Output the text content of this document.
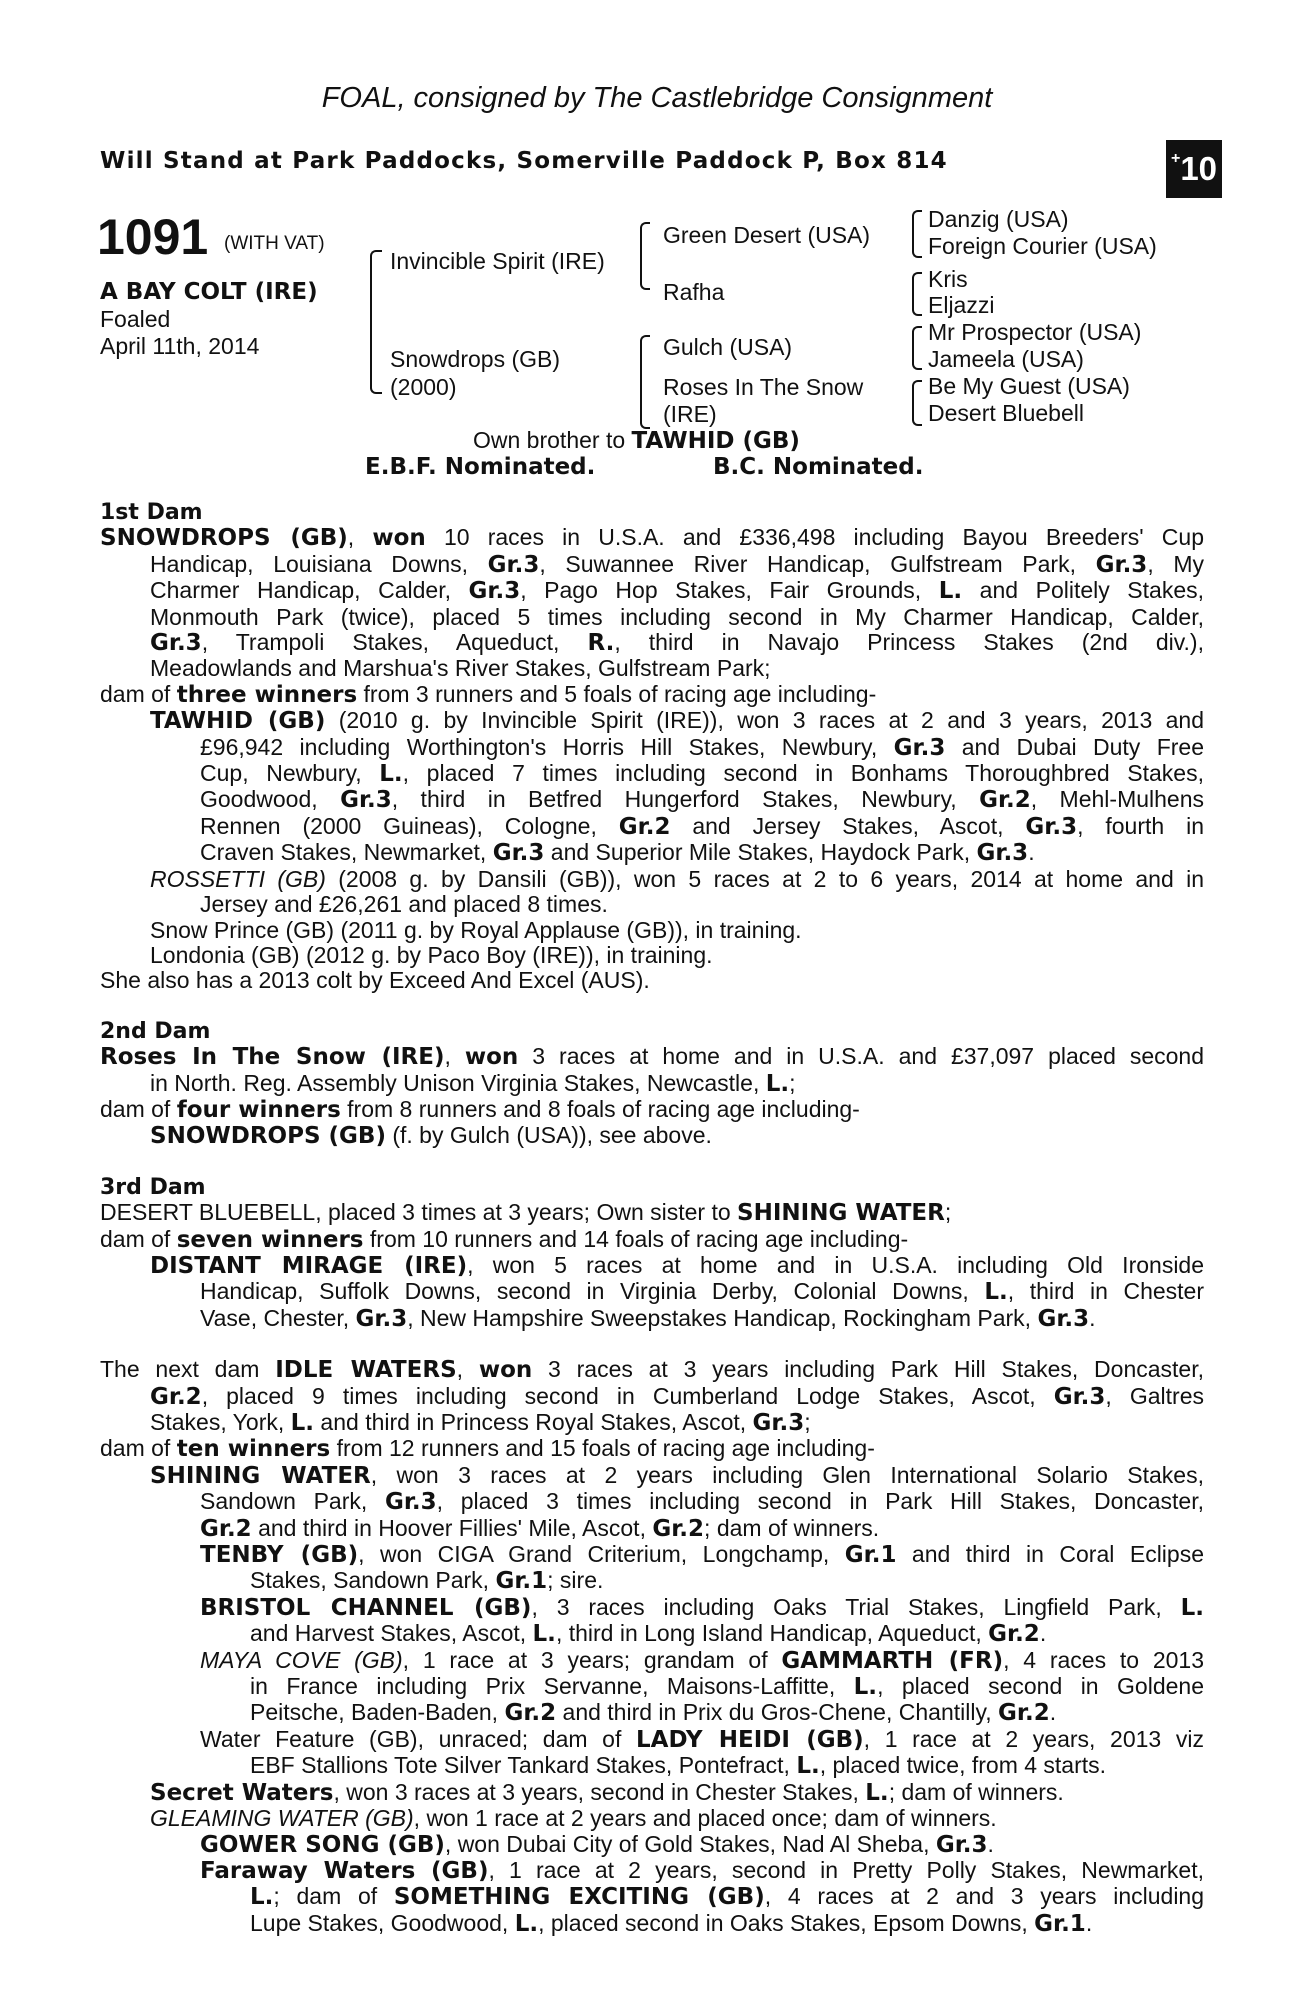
FOAL, consigned by The Castlebridge Consignment
Will Stand at Park Paddocks, Somerville Paddock P, Box 814	+ 10
1091 (WITH VAT)
A BAY COLT (IRE)
Foaled
April 11th, 2014
Invincible Spirit (IRE)
Snowdrops (GB)
(2000)
Green Desert (USA)
Rafha
Gulch (USA)
Roses In The Snow
(IRE)
Danzig (USA)
Foreign Courier (USA)
Kris
Eljazzi
Mr Prospector (USA)
Jameela (USA)
Be My Guest (USA)
Desert Bluebell
Own brother to TAWHID (GB)
E.B.F. Nominated.	B.C. Nominated.
1st Dam
SNOWDROPS (GB), won 10 races in U.S.A. and £336,498 including Bayou Breeders' Cup
Handicap, Louisiana Downs, Gr.3, Suwannee River Handicap, Gulfstream Park, Gr.3, My
Charmer Handicap, Calder, Gr.3, Pago Hop Stakes, Fair Grounds, L. and Politely Stakes,
Monmouth Park (twice), placed 5 times including second in My Charmer Handicap, Calder,
Gr.3, Trampoli Stakes, Aqueduct, R., third in Navajo Princess Stakes (2nd div.),
Meadowlands and Marshua's River Stakes, Gulfstream Park;
dam of three winners from 3 runners and 5 foals of racing age including-
TAWHID (GB) (2010 g. by Invincible Spirit (IRE)), won 3 races at 2 and 3 years, 2013 and
£96,942 including Worthington's Horris Hill Stakes, Newbury, Gr.3 and Dubai Duty Free
Cup, Newbury, L., placed 7 times including second in Bonhams Thoroughbred Stakes,
Goodwood, Gr.3, third in Betfred Hungerford Stakes, Newbury, Gr.2, Mehl-Mulhens
Rennen (2000 Guineas), Cologne, Gr.2 and Jersey Stakes, Ascot, Gr.3, fourth in
Craven Stakes, Newmarket, Gr.3 and Superior Mile Stakes, Haydock Park, Gr.3.
ROSSETTI (GB) (2008 g. by Dansili (GB)), won 5 races at 2 to 6 years, 2014 at home and in
Jersey and £26,261 and placed 8 times.
Snow Prince (GB) (2011 g. by Royal Applause (GB)), in training.
Londonia (GB) (2012 g. by Paco Boy (IRE)), in training.
She also has a 2013 colt by Exceed And Excel (AUS).
2nd Dam
Roses In The Snow (IRE), won 3 races at home and in U.S.A. and £37,097 placed second
in North. Reg. Assembly Unison Virginia Stakes, Newcastle, L.;
dam of four winners from 8 runners and 8 foals of racing age including-
SNOWDROPS (GB) (f. by Gulch (USA)), see above.
3rd Dam
DESERT BLUEBELL, placed 3 times at 3 years; Own sister to SHINING WATER;
dam of seven winners from 10 runners and 14 foals of racing age including-
DISTANT MIRAGE (IRE), won 5 races at home and in U.S.A. including Old Ironside
Handicap, Suffolk Downs, second in Virginia Derby, Colonial Downs, L., third in Chester
Vase, Chester, Gr.3, New Hampshire Sweepstakes Handicap, Rockingham Park, Gr.3.
The next dam IDLE WATERS, won 3 races at 3 years including Park Hill Stakes, Doncaster,
Gr.2, placed 9 times including second in Cumberland Lodge Stakes, Ascot, Gr.3, Galtres
Stakes, York, L. and third in Princess Royal Stakes, Ascot, Gr.3;
dam of ten winners from 12 runners and 15 foals of racing age including-
SHINING WATER, won 3 races at 2 years including Glen International Solario Stakes,
Sandown Park, Gr.3, placed 3 times including second in Park Hill Stakes, Doncaster,
Gr.2 and third in Hoover Fillies' Mile, Ascot, Gr.2; dam of winners.
TENBY (GB), won CIGA Grand Criterium, Longchamp, Gr.1 and third in Coral Eclipse
Stakes, Sandown Park, Gr.1; sire.
BRISTOL CHANNEL (GB), 3 races including Oaks Trial Stakes, Lingfield Park, L.
and Harvest Stakes, Ascot, L., third in Long Island Handicap, Aqueduct, Gr.2.
MAYA COVE (GB), 1 race at 3 years; grandam of GAMMARTH (FR), 4 races to 2013
in France including Prix Servanne, Maisons-Laffitte, L., placed second in Goldene
Peitsche, Baden-Baden, Gr.2 and third in Prix du Gros-Chene, Chantilly, Gr.2.
Water Feature (GB), unraced; dam of LADY HEIDI (GB), 1 race at 2 years, 2013 viz
EBF Stallions Tote Silver Tankard Stakes, Pontefract, L., placed twice, from 4 starts.
Secret Waters, won 3 races at 3 years, second in Chester Stakes, L.; dam of winners.
GLEAMING WATER (GB), won 1 race at 2 years and placed once; dam of winners.
GOWER SONG (GB), won Dubai City of Gold Stakes, Nad Al Sheba, Gr.3.
Faraway Waters (GB), 1 race at 2 years, second in Pretty Polly Stakes, Newmarket,
L.; dam of SOMETHING EXCITING (GB), 4 races at 2 and 3 years including
Lupe Stakes, Goodwood, L., placed second in Oaks Stakes, Epsom Downs, Gr.1.
